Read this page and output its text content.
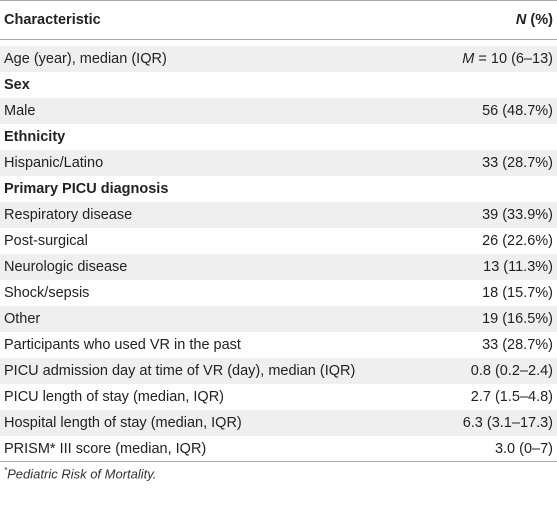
Characteristic	N (%)
Age (year), median (IQR)	M = 10 (6–13)
Sex
Male	56 (48.7%)
Ethnicity
Hispanic/Latino	33 (28.7%)
Primary PICU diagnosis
Respiratory disease	39 (33.9%)
Post-surgical	26 (22.6%)
Neurologic disease	13 (11.3%)
Shock/sepsis	18 (15.7%)
Other	19 (16.5%)
Participants who used VR in the past	33 (28.7%)
PICU admission day at time of VR (day), median (IQR)	0.8 (0.2–2.4)
PICU length of stay (median, IQR)	2.7 (1.5–4.8)
Hospital length of stay (median, IQR)	6.3 (3.1–17.3)
PRISM* III score (median, IQR)	3.0 (0–7)
*Pediatric Risk of Mortality.
